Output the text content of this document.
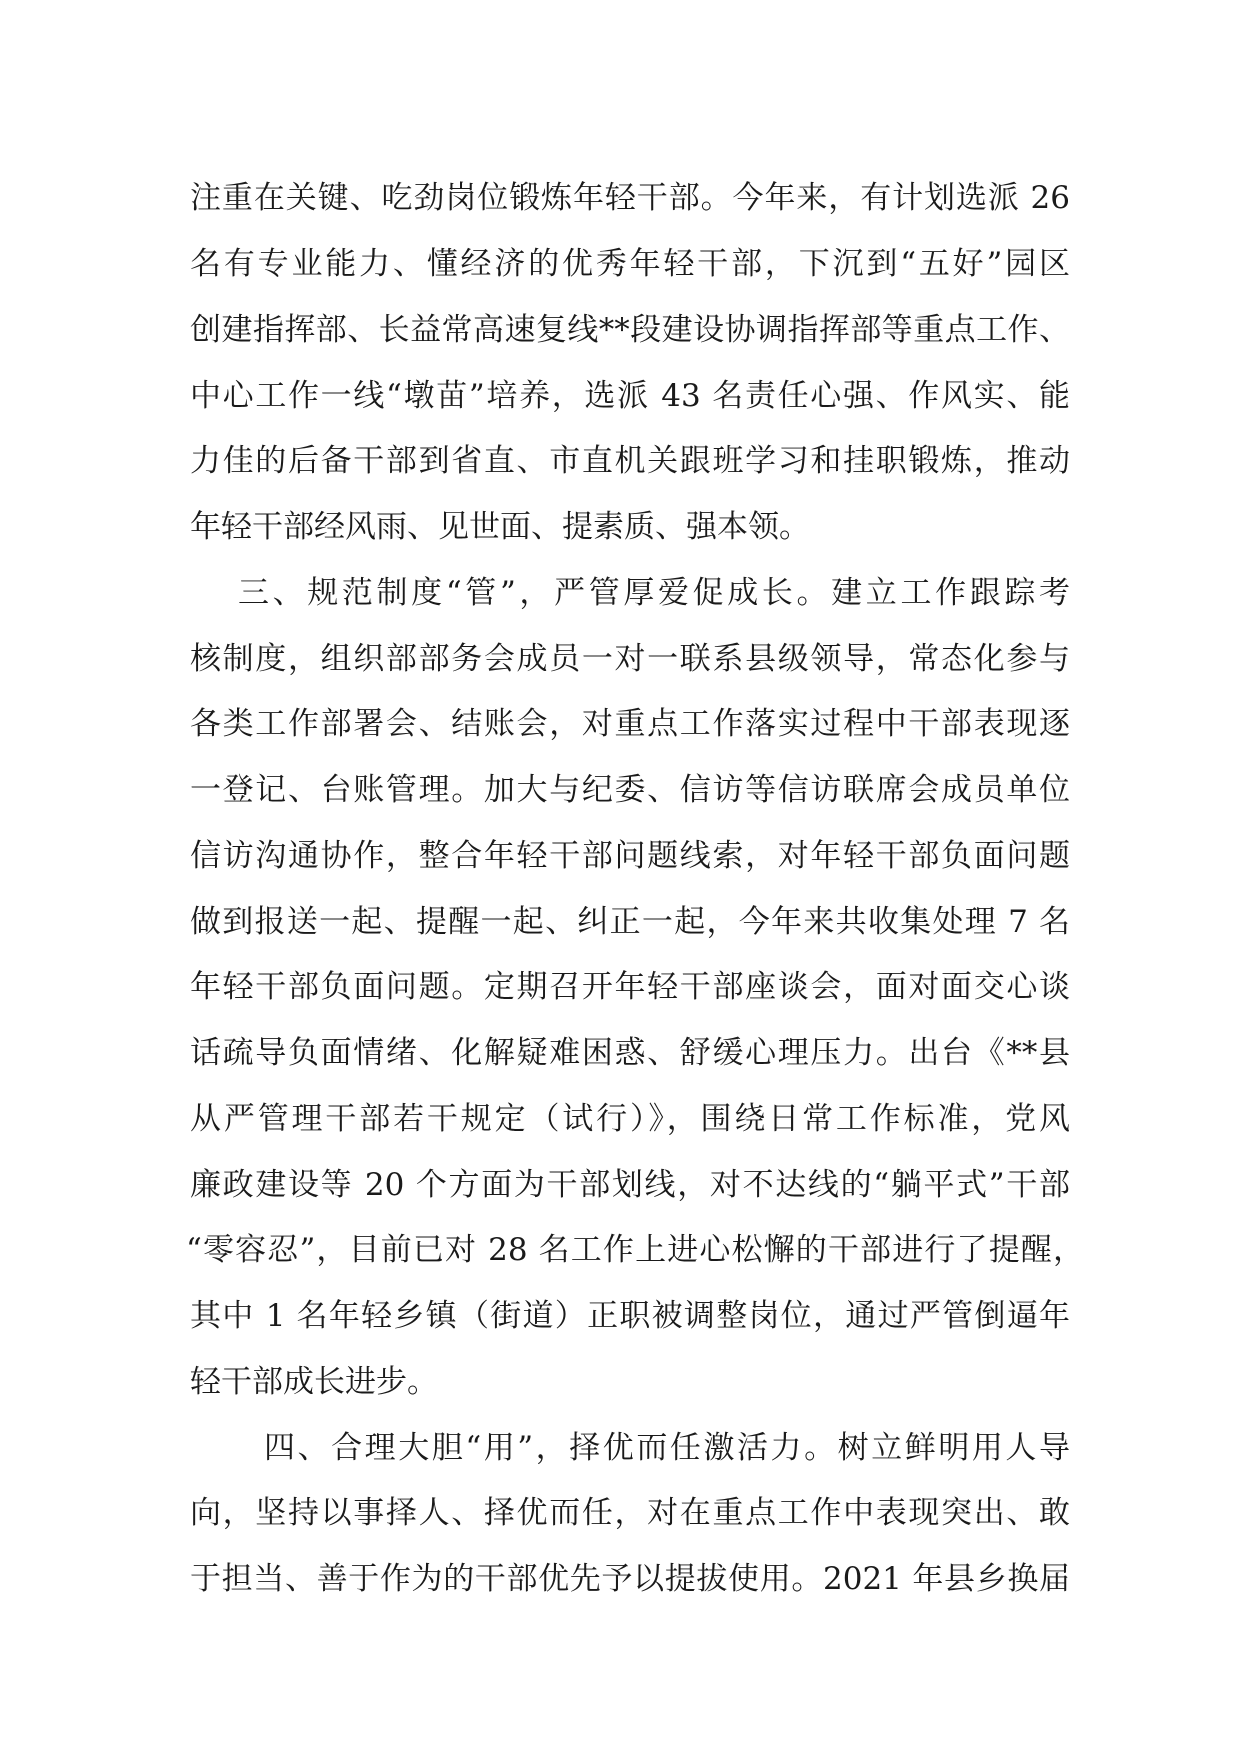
注重在关键、吃劲岗位锻炼年轻干部。今年来，有计划选派 26
名有专业能力、懂经济的优秀年轻干部，下沉到“五好”园区
创建指挥部、长益常高速复线**段建设协调指挥部等重点工作、
中心工作一线“墩苗”培养，选派 43 名责任心强、作风实、能
力佳的后备干部到省直、市直机关跟班学习和挂职锻炼，推动
年轻干部经风雨、见世面、提素质、强本领。
三、规范制度“管”，严管厚爱促成长。建立工作跟踪考
核制度，组织部部务会成员一对一联系县级领导，常态化参与
各类工作部署会、结账会，对重点工作落实过程中干部表现逐
一登记、台账管理。加大与纪委、信访等信访联席会成员单位
信访沟通协作，整合年轻干部问题线索，对年轻干部负面问题
做到报送一起、提醒一起、纠正一起，今年来共收集处理 7 名
年轻干部负面问题。定期召开年轻干部座谈会，面对面交心谈
话疏导负面情绪、化解疑难困惑、舒缓心理压力。出台《**县
从严管理干部若干规定（试行）》，围绕日常工作标准，党风
廉政建设等 20 个方面为干部划线，对不达线的“躺平式”干部
“零容忍”，目前已对 28 名工作上进心松懈的干部进行了提醒，
其中 1 名年轻乡镇（街道）正职被调整岗位，通过严管倒逼年
轻干部成长进步。
四、合理大胆“用”，择优而任激活力。树立鲜明用人导
向，坚持以事择人、择优而任，对在重点工作中表现突出、敢
于担当、善于作为的干部优先予以提拔使用。2021 年县乡换届
